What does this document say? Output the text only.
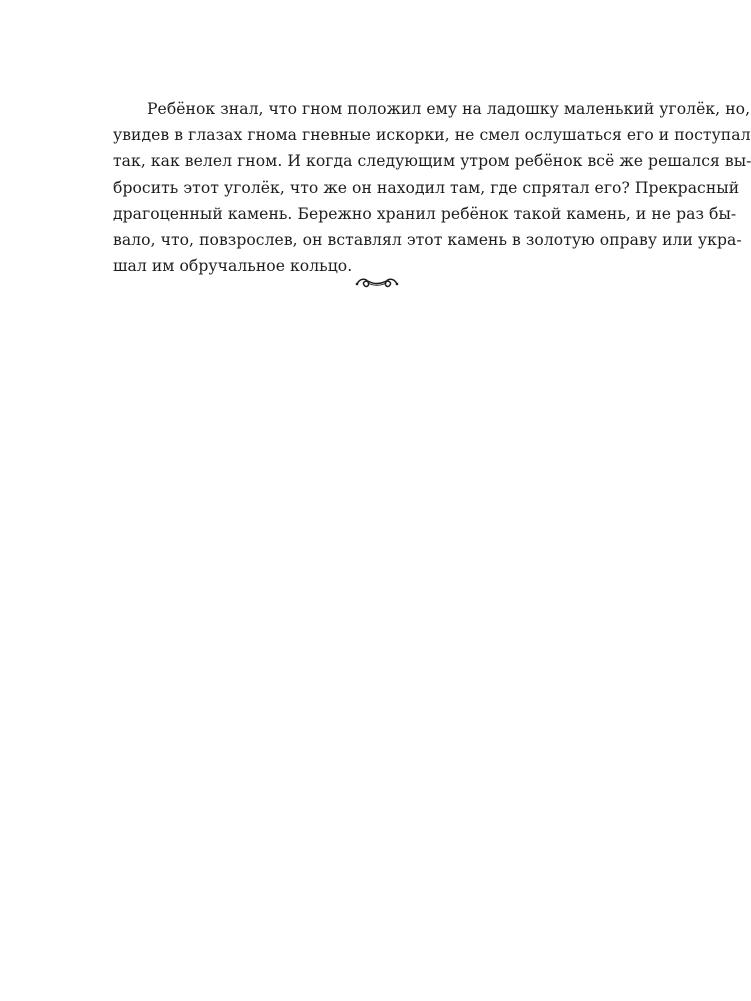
Ребёнок знал, что гном положил ему на ладошку маленький уголёк, но,
увидев в глазах гнома гневные искорки, не смел ослушаться его и поступал
так, как велел гном. И когда следующим утром ребёнок всё же решался вы-
бросить этот уголёк, что же он находил там, где спрятал его? Прекрасный
драгоценный камень. Бережно хранил ребёнок такой камень, и не раз бы-
вало, что, повзрослев, он вставлял этот камень в золотую оправу или укра-
шал им обручальное кольцо.
